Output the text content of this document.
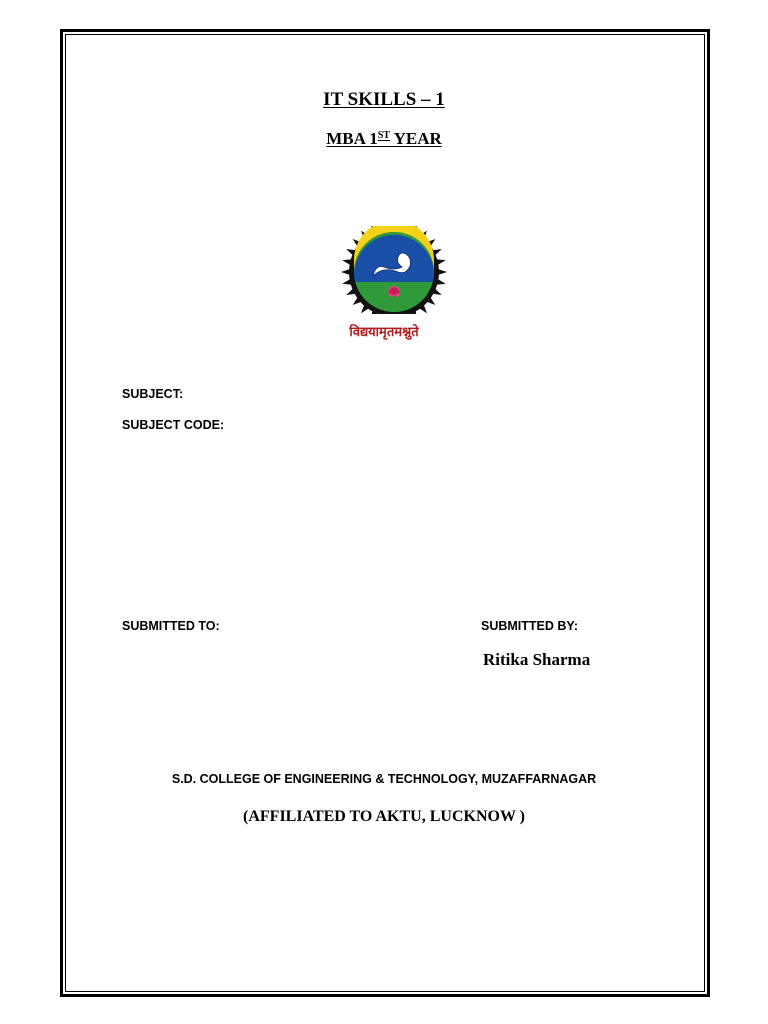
IT SKILLS – 1
MBA 1ST YEAR
विद्ययामृतमश्नुते
SUBJECT:
SUBJECT CODE:
SUBMITTED TO:	SUBMITTED BY:
Ritika Sharma
S.D. COLLEGE OF ENGINEERING & TECHNOLOGY, MUZAFFARNAGAR
(AFFILIATED TO AKTU, LUCKNOW )
